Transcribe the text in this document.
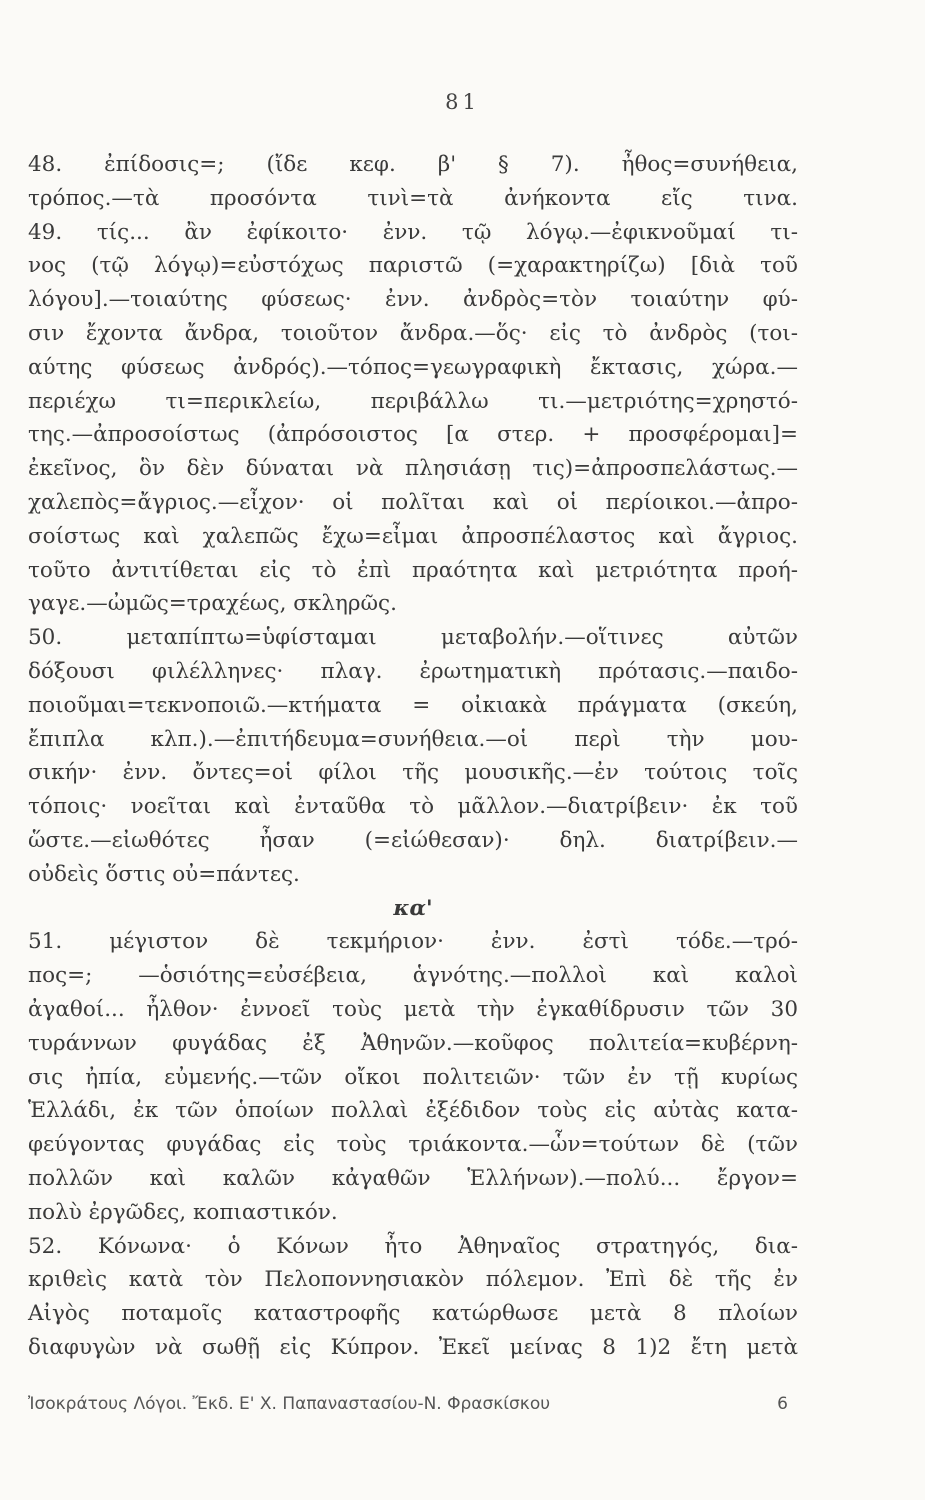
81
48. ἐπίδοσις=; (ἴδε κεφ. β' § 7). ἦθος=συνήθεια,
τρόπος.—τὰ προσόντα τινὶ=τὰ ἀνήκοντα εἴς τινα.
49. τίς... ἂν ἐφίκοιτο· ἐνν. τῷ λόγῳ.—ἐφικνοῦμαί τι-
νος (τῷ λόγῳ)=εὐστόχως παριστῶ (=χαρακτηρίζω) [διὰ τοῦ
λόγου].—τοιαύτης φύσεως· ἐνν. ἀνδρὸς=τὸν τοιαύτην φύ-
σιν ἔχοντα ἄνδρα, τοιοῦτον ἄνδρα.—ὅς· εἰς τὸ ἀνδρὸς (τοι-
αύτης φύσεως ἀνδρός).—τόπος=γεωγραφικὴ ἔκτασις, χώρα.—
περιέχω τι=περικλείω, περιβάλλω τι.—μετριότης=χρηστό-
της.—ἀπροσοίστως (ἀπρόσοιστος [α στερ. + προσφέρομαι]=
ἐκεῖνος, ὃν δὲν δύναται νὰ πλησιάσῃ τις)=ἀπροσπελάστως.—
χαλεπὸς=ἄγριος.—εἶχον· οἱ πολῖται καὶ οἱ περίοικοι.—ἀπρο-
σοίστως καὶ χαλεπῶς ἔχω=εἶμαι ἀπροσπέλαστος καὶ ἄγριος.
τοῦτο ἀντιτίθεται εἰς τὸ ἐπὶ πραότητα καὶ μετριότητα προή-
γαγε.—ὠμῶς=τραχέως, σκληρῶς.
50. μεταπίπτω=ὑφίσταμαι μεταβολήν.—οἵτινες αὐτῶν
δόξουσι φιλέλληνες· πλαγ. ἐρωτηματικὴ πρότασις.—παιδο-
ποιοῦμαι=τεκνοποιῶ.—κτήματα = οἰκιακὰ πράγματα (σκεύη,
ἔπιπλα κλπ.).—ἐπιτήδευμα=συνήθεια.—οἱ περὶ τὴν μου-
σικήν· ἐνν. ὄντες=οἱ φίλοι τῆς μουσικῆς.—ἐν τούτοις τοῖς
τόποις· νοεῖται καὶ ἐνταῦθα τὸ μᾶλλον.—διατρίβειν· ἐκ τοῦ
ὥστε.—εἰωθότες ἦσαν (=εἰώθεσαν)· δηλ. διατρίβειν.—
οὐδεὶς ὅστις οὐ=πάντες.
κα'
51. μέγιστον δὲ τεκμήριον· ἐνν. ἐστὶ τόδε.—τρό-
πος=; —ὁσιότης=εὐσέβεια, ἁγνότης.—πολλοὶ καὶ καλοὶ
ἀγαθοί... ἦλθον· ἐννοεῖ τοὺς μετὰ τὴν ἐγκαθίδρυσιν τῶν 30
τυράννων φυγάδας ἐξ Ἀθηνῶν.—κοῦφος πολιτεία=κυβέρνη-
σις ἠπία, εὐμενής.—τῶν οἴκοι πολιτειῶν· τῶν ἐν τῇ κυρίως
Ἑλλάδι, ἐκ τῶν ὁποίων πολλαὶ ἐξέδιδον τοὺς εἰς αὐτὰς κατα-
φεύγοντας φυγάδας εἰς τοὺς τριάκοντα.—ὧν=τούτων δὲ (τῶν
πολλῶν καὶ καλῶν κἀγαθῶν Ἑλλήνων).—πολύ... ἔργον=
πολὺ ἐργῶδες, κοπιαστικόν.
52. Κόνωνα· ὁ Κόνων ἦτο Ἀθηναῖος στρατηγός, δια-
κριθεὶς κατὰ τὸν Πελοποννησιακὸν πόλεμον. Ἐπὶ δὲ τῆς ἐν
Αἰγὸς ποταμοῖς καταστροφῆς κατώρθωσε μετὰ 8 πλοίων
διαφυγὼν νὰ σωθῇ εἰς Κύπρον. Ἐκεῖ μείνας 8 1)2 ἔτη μετὰ
Ἰσοκράτους Λόγοι. Ἔκδ. Ε' Χ. Παπαναστασίου-Ν. Φρασκίσκου	6
